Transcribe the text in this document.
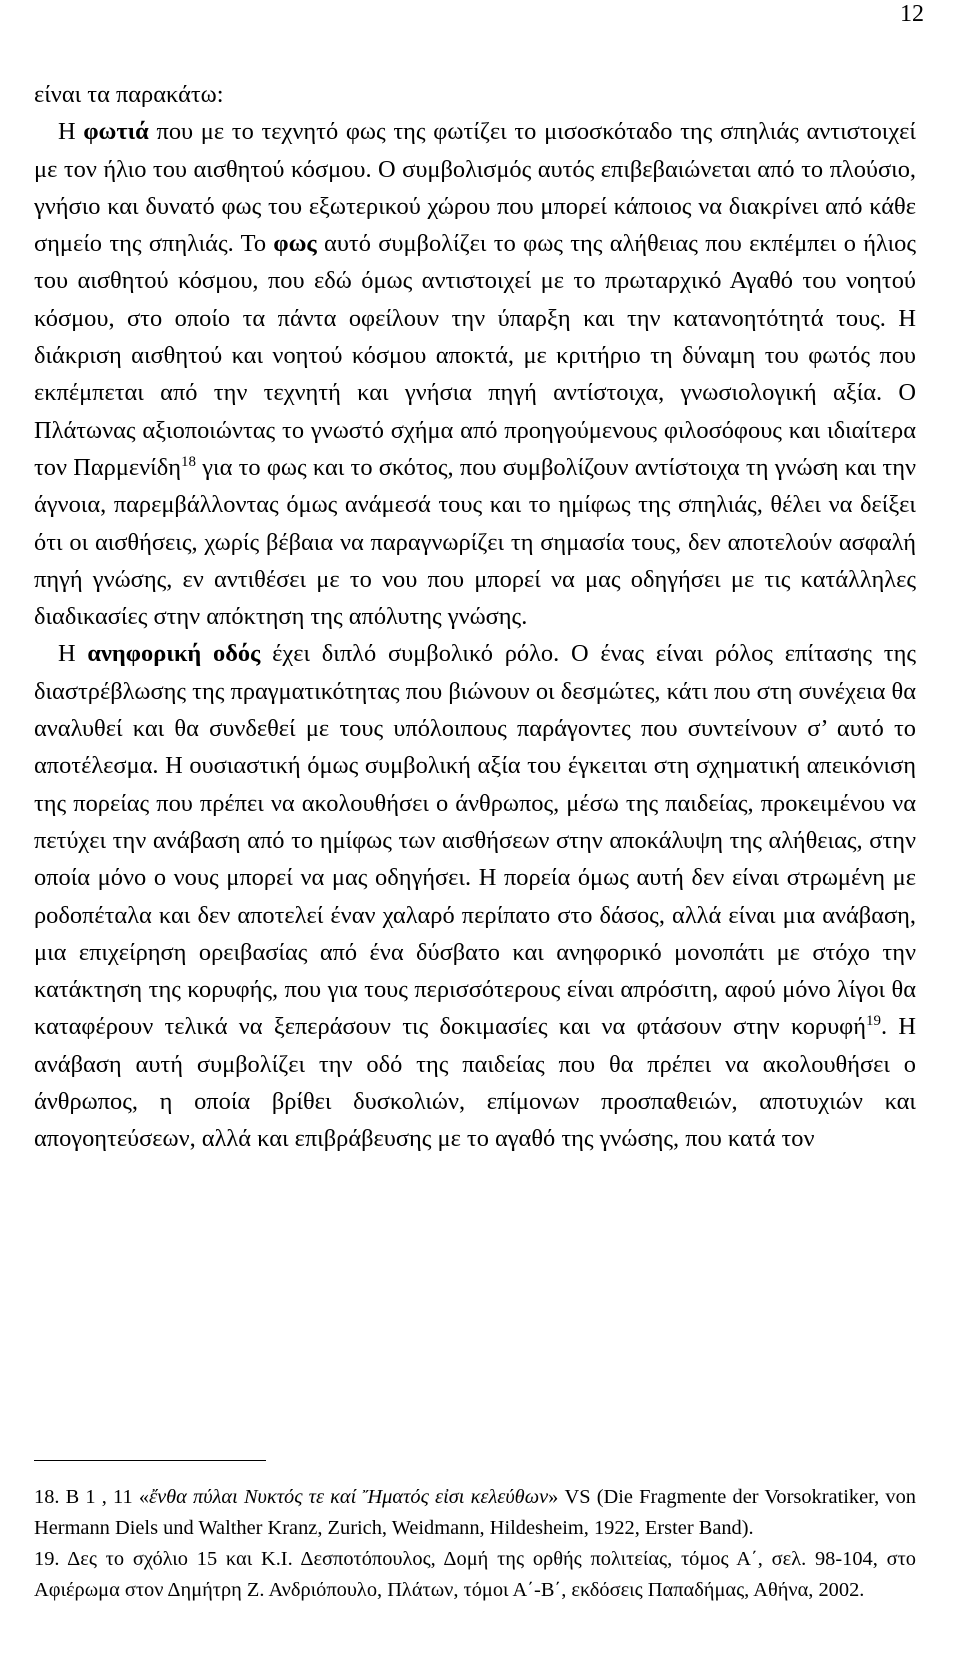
12

είναι τα παρακάτω:

Η φωτιά που με το τεχνητό φως της φωτίζει το μισοσκόταδο της σπηλιάς αντιστοιχεί με τον ήλιο του αισθητού κόσμου. Ο συμβολισμός αυτός επιβεβαιώνεται από το πλούσιο, γνήσιο και δυνατό φως του εξωτερικού χώρου που μπορεί κάποιος να διακρίνει από κάθε σημείο της σπηλιάς. Το φως αυτό συμβολίζει το φως της αλήθειας που εκπέμπει ο ήλιος του αισθητού κόσμου, που εδώ όμως αντιστοιχεί με το πρωταρχικό Αγαθό του νοητού κόσμου, στο οποίο τα πάντα οφείλουν την ύπαρξη και την κατανοητότητά τους. Η διάκριση αισθητού και νοητού κόσμου αποκτά, με κριτήριο τη δύναμη του φωτός που εκπέμπεται από την τεχνητή και γνήσια πηγή αντίστοιχα, γνωσιολογική αξία. Ο Πλάτωνας αξιοποιώντας το γνωστό σχήμα από προηγούμενους φιλοσόφους και ιδιαίτερα τον Παρμενίδη$^{18}$ για το φως και το σκότος, που συμβολίζουν αντίστοιχα τη γνώση και την άγνοια, παρεμβάλλοντας όμως ανάμεσά τους και το ημίφως της σπηλιάς, θέλει να δείξει ότι οι αισθήσεις, χωρίς βέβαια να παραγνωρίζει τη σημασία τους, δεν αποτελούν ασφαλή πηγή γνώσης, εν αντιθέσει με το νου που μπορεί να μας οδηγήσει με τις κατάλληλες διαδικασίες στην απόκτηση της απόλυτης γνώσης.

Η ανηφορική οδός έχει διπλό συμβολικό ρόλο. Ο ένας είναι ρόλος επίτασης της διαστρέβλωσης της πραγματικότητας που βιώνουν οι δεσμώτες, κάτι που στη συνέχεια θα αναλυθεί και θα συνδεθεί με τους υπόλοιπους παράγοντες που συντείνουν σ’ αυτό το αποτέλεσμα. Η ουσιαστική όμως συμβολική αξία του έγκειται στη σχηματική απεικόνιση της πορείας που πρέπει να ακολουθήσει ο άνθρωπος, μέσω της παιδείας, προκειμένου να πετύχει την ανάβαση από το ημίφως των αισθήσεων στην αποκάλυψη της αλήθειας, στην οποία μόνο ο νους μπορεί να μας οδηγήσει. Η πορεία όμως αυτή δεν είναι στρωμένη με ροδοπέταλα και δεν αποτελεί έναν χαλαρό περίπατο στο δάσος, αλλά είναι μια ανάβαση, μια επιχείρηση ορειβασίας από ένα δύσβατο και ανηφορικό μονοπάτι με στόχο την κατάκτηση της κορυφής, που για τους περισσότερους είναι απρόσιτη, αφού μόνο λίγοι θα καταφέρουν τελικά να ξεπεράσουν τις δοκιμασίες και να φτάσουν στην κορυφή$^{19}$. Η ανάβαση αυτή συμβολίζει την οδό της παιδείας που θα πρέπει να ακολουθήσει ο άνθρωπος, η οποία βρίθει δυσκολιών, επίμονων προσπαθειών, αποτυχιών και απογοητεύσεων, αλλά και επιβράβευσης με το αγαθό της γνώσης, που κατά τον

18. Β 1 , 11 «ἔνθα πύλαι Νυκτός τε καί Ἤματός εἰσι κελεύθων» VS (Die Fragmente der Vorsokratiker, von Hermann Diels und Walther Kranz, Zurich, Weidmann, Hildesheim, 1922, Erster Band).

19. Δες το σχόλιο 15 και Κ.Ι. Δεσποτόπουλος, Δομή της ορθής πολιτείας, τόμος Α΄, σελ. 98-104, στο Αφιέρωμα στον Δημήτρη Ζ. Ανδριόπουλο, Πλάτων, τόμοι Α΄-Β΄, εκδόσεις Παπαδήμας, Αθήνα, 2002.
